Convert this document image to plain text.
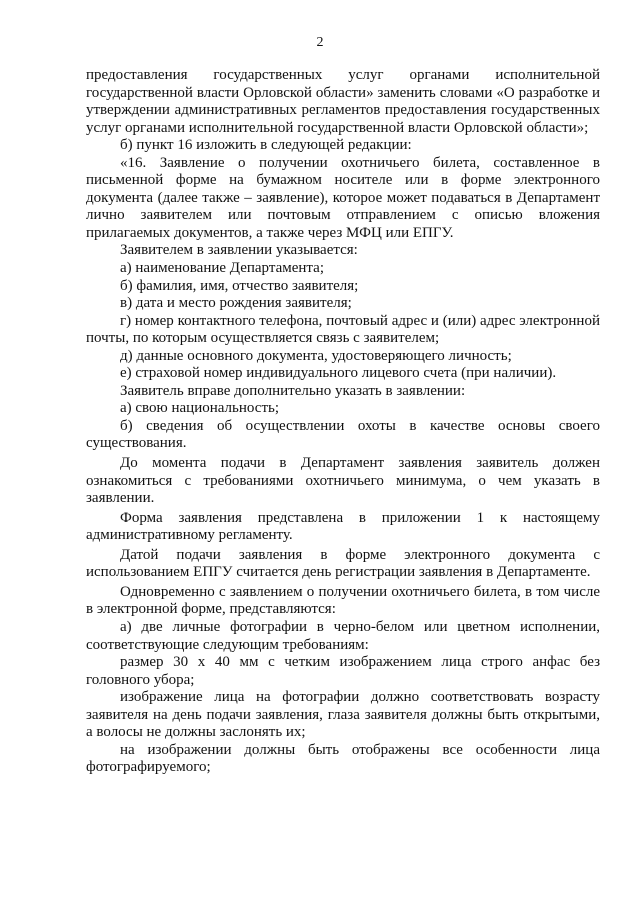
2

предоставления государственных услуг органами исполнительной государственной власти Орловской области» заменить словами «О разработке и утверждении административных регламентов предоставления государственных услуг органами исполнительной государственной власти Орловской области»;

б) пункт 16 изложить в следующей редакции:

«16. Заявление о получении охотничьего билета, составленное в письменной форме на бумажном носителе или в форме электронного документа (далее также – заявление), которое может подаваться в Департамент лично заявителем или почтовым отправлением с описью вложения прилагаемых документов, а также через МФЦ или ЕПГУ.

Заявителем в заявлении указывается:

а) наименование Департамента;

б) фамилия, имя, отчество заявителя;

в) дата и место рождения заявителя;

г) номер контактного телефона, почтовый адрес и (или) адрес электронной почты, по которым осуществляется связь с заявителем;

д) данные основного документа, удостоверяющего личность;

е) страховой номер индивидуального лицевого счета (при наличии).

Заявитель вправе дополнительно указать в заявлении:

а) свою национальность;

б) сведения об осуществлении охоты в качестве основы своего существования.

До момента подачи в Департамент заявления заявитель должен ознакомиться с требованиями охотничьего минимума, о чем указать в заявлении.

Форма заявления представлена в приложении 1 к настоящему административному регламенту.

Датой подачи заявления в форме электронного документа с использованием ЕПГУ считается день регистрации заявления в Департаменте.

Одновременно с заявлением о получении охотничьего билета, в том числе в электронной форме, представляются:

а) две личные фотографии в черно-белом или цветном исполнении, соответствующие следующим требованиям:

размер 30 х 40 мм с четким изображением лица строго анфас без головного убора;

изображение лица на фотографии должно соответствовать возрасту заявителя на день подачи заявления, глаза заявителя должны быть открытыми, а волосы не должны заслонять их;

на изображении должны быть отображены все особенности лица фотографируемого;
